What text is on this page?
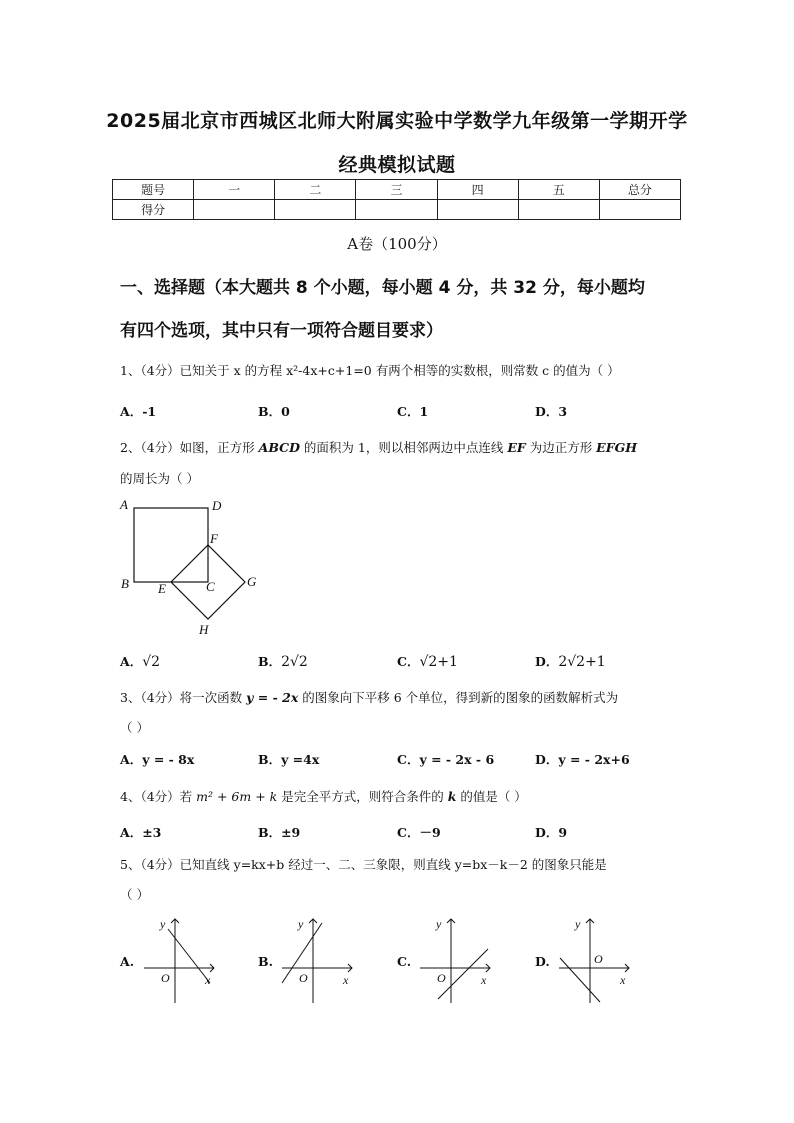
2025届北京市西城区北师大附属实验中学数学九年级第一学期开学
经典模拟试题
题号	一	二	三	四	五	总分
得分						
A卷（100分）
一、选择题（本大题共 8 个小题，每小题 4 分，共 32 分，每小题均
有四个选项，其中只有一项符合题目要求）
1、（4分）已知关于 x 的方程 x²-4x+c+1=0 有两个相等的实数根，则常数 c 的值为（ ）
A．-1	B．0	C．1	D．3
2、（4分）如图，正方形 ABCD 的面积为 1，则以相邻两边中点连线 EF 为边正方形 EFGH
的周长为（ ）
A	D
F
G
B E	C
H
A．√2	B．2√2	C．√2+1	D．2√2+1
3、（4分）将一次函数 y = - 2x 的图象向下平移 6 个单位，得到新的图象的函数解析式为
（ ）
A．y = - 8x	B．y =4x	C．y = - 2x - 6	D．y = - 2x+6
4、（4分）若 m² + 6m + k 是完全平方式，则符合条件的 k 的值是（ ）
A．±3	B．±9	C．－9	D．9
5、（4分）已知直线 y=kx+b 经过一、二、三象限，则直线 y=bx－k－2 的图象只能是
（ ）
A.
y
x
O
B.
y
x
O
C.
y
x
O
D.
y
x
O
